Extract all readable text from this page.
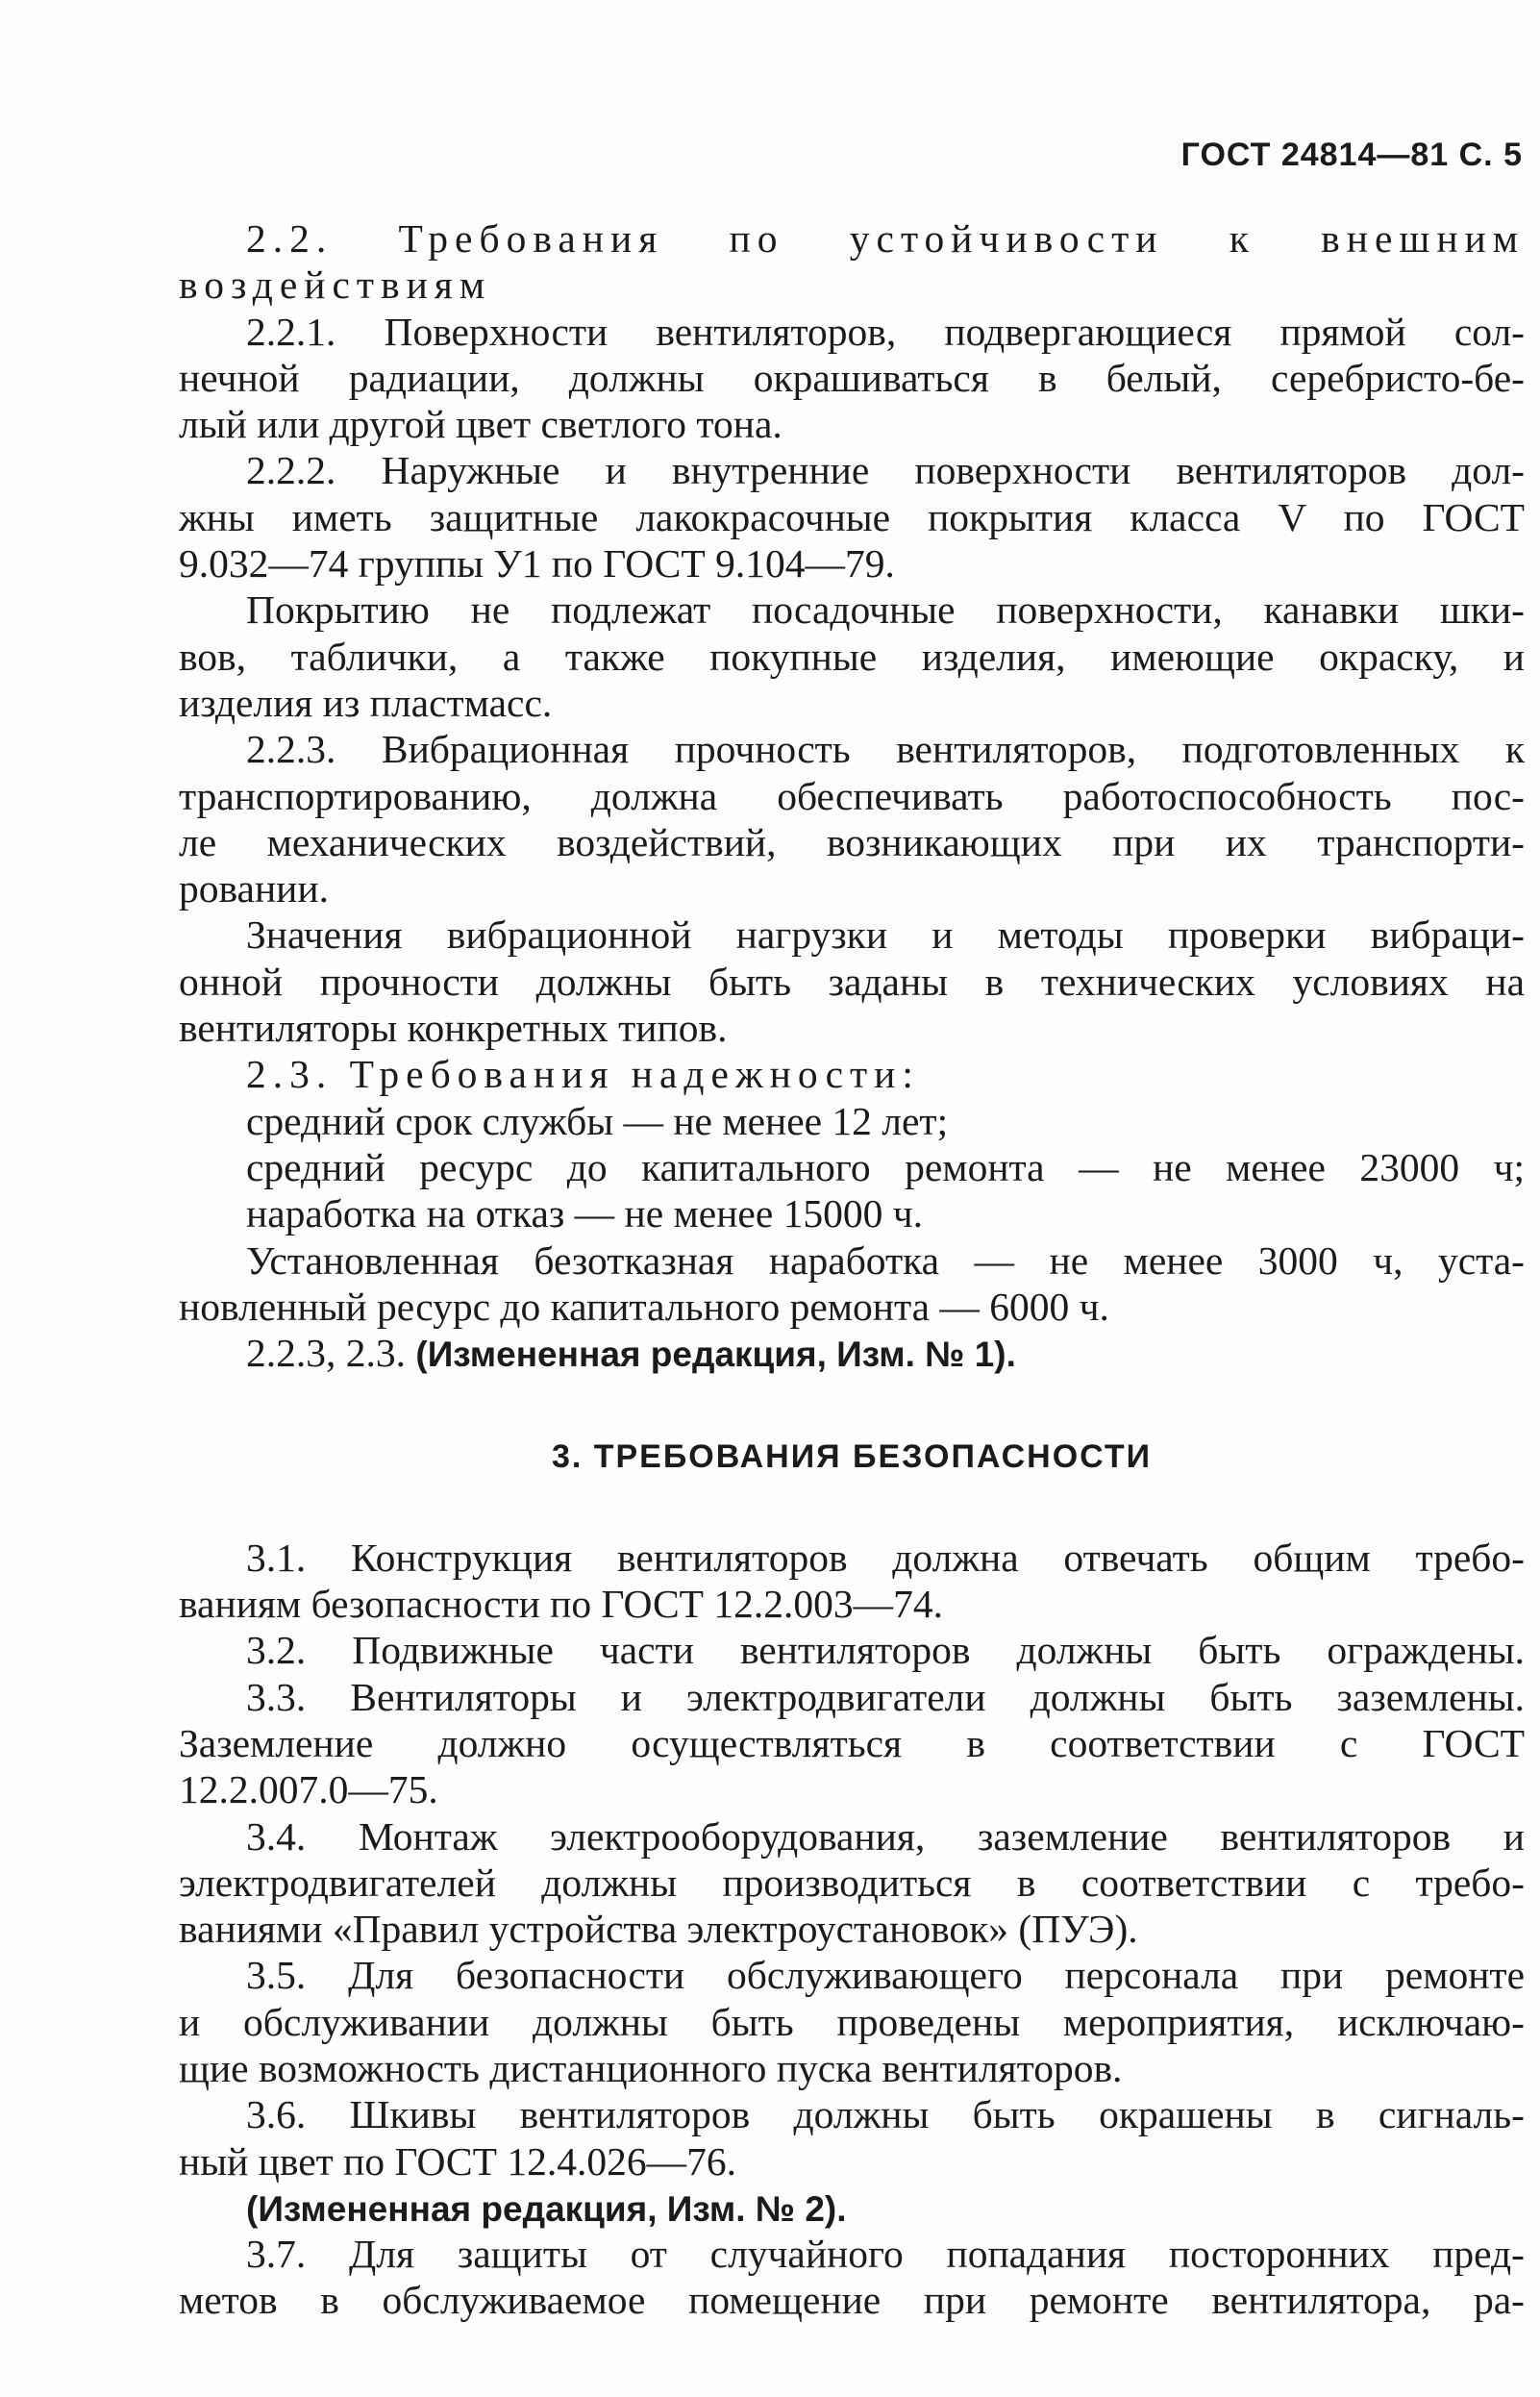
ГОСТ 24814—81 С. 5
2.2. Требования по устойчивости к внешним
воздействиям
2.2.1. Поверхности вентиляторов, подвергающиеся прямой сол-
нечной радиации, должны окрашиваться в белый, серебристо-бе-
лый или другой цвет светлого тона.
2.2.2. Наружные и внутренние поверхности вентиляторов дол-
жны иметь защитные лакокрасочные покрытия класса V по ГОСТ
9.032—74 группы У1 по ГОСТ 9.104—79.
Покрытию не подлежат посадочные поверхности, канавки шки-
вов, таблички, а также покупные изделия, имеющие окраску, и
изделия из пластмасс.
2.2.3. Вибрационная прочность вентиляторов, подготовленных к
транспортированию, должна обеспечивать работоспособность пос-
ле механических воздействий, возникающих при их транспорти-
ровании.
Значения вибрационной нагрузки и методы проверки вибраци-
онной прочности должны быть заданы в технических условиях на
вентиляторы конкретных типов.
2.3. Требования надежности:
средний срок службы — не менее 12 лет;
средний ресурс до капитального ремонта — не менее 23000 ч;
наработка на отказ — не менее 15000 ч.
Установленная безотказная наработка — не менее 3000 ч, уста-
новленный ресурс до капитального ремонта — 6000 ч.
2.2.3, 2.3. (Измененная редакция, Изм. № 1).
3. ТРЕБОВАНИЯ БЕЗОПАСНОСТИ
3.1. Конструкция вентиляторов должна отвечать общим требо-
ваниям безопасности по ГОСТ 12.2.003—74.
3.2. Подвижные части вентиляторов должны быть ограждены.
3.3. Вентиляторы и электродвигатели должны быть заземлены.
Заземление должно осуществляться в соответствии с ГОСТ
12.2.007.0—75.
3.4. Монтаж электрооборудования, заземление вентиляторов и
электродвигателей должны производиться в соответствии с требо-
ваниями «Правил устройства электроустановок» (ПУЭ).
3.5. Для безопасности обслуживающего персонала при ремонте
и обслуживании должны быть проведены мероприятия, исключаю-
щие возможность дистанционного пуска вентиляторов.
3.6. Шкивы вентиляторов должны быть окрашены в сигналь-
ный цвет по ГОСТ 12.4.026—76.
(Измененная редакция, Изм. № 2).
3.7. Для защиты от случайного попадания посторонних пред-
метов в обслуживаемое помещение при ремонте вентилятора, ра-
